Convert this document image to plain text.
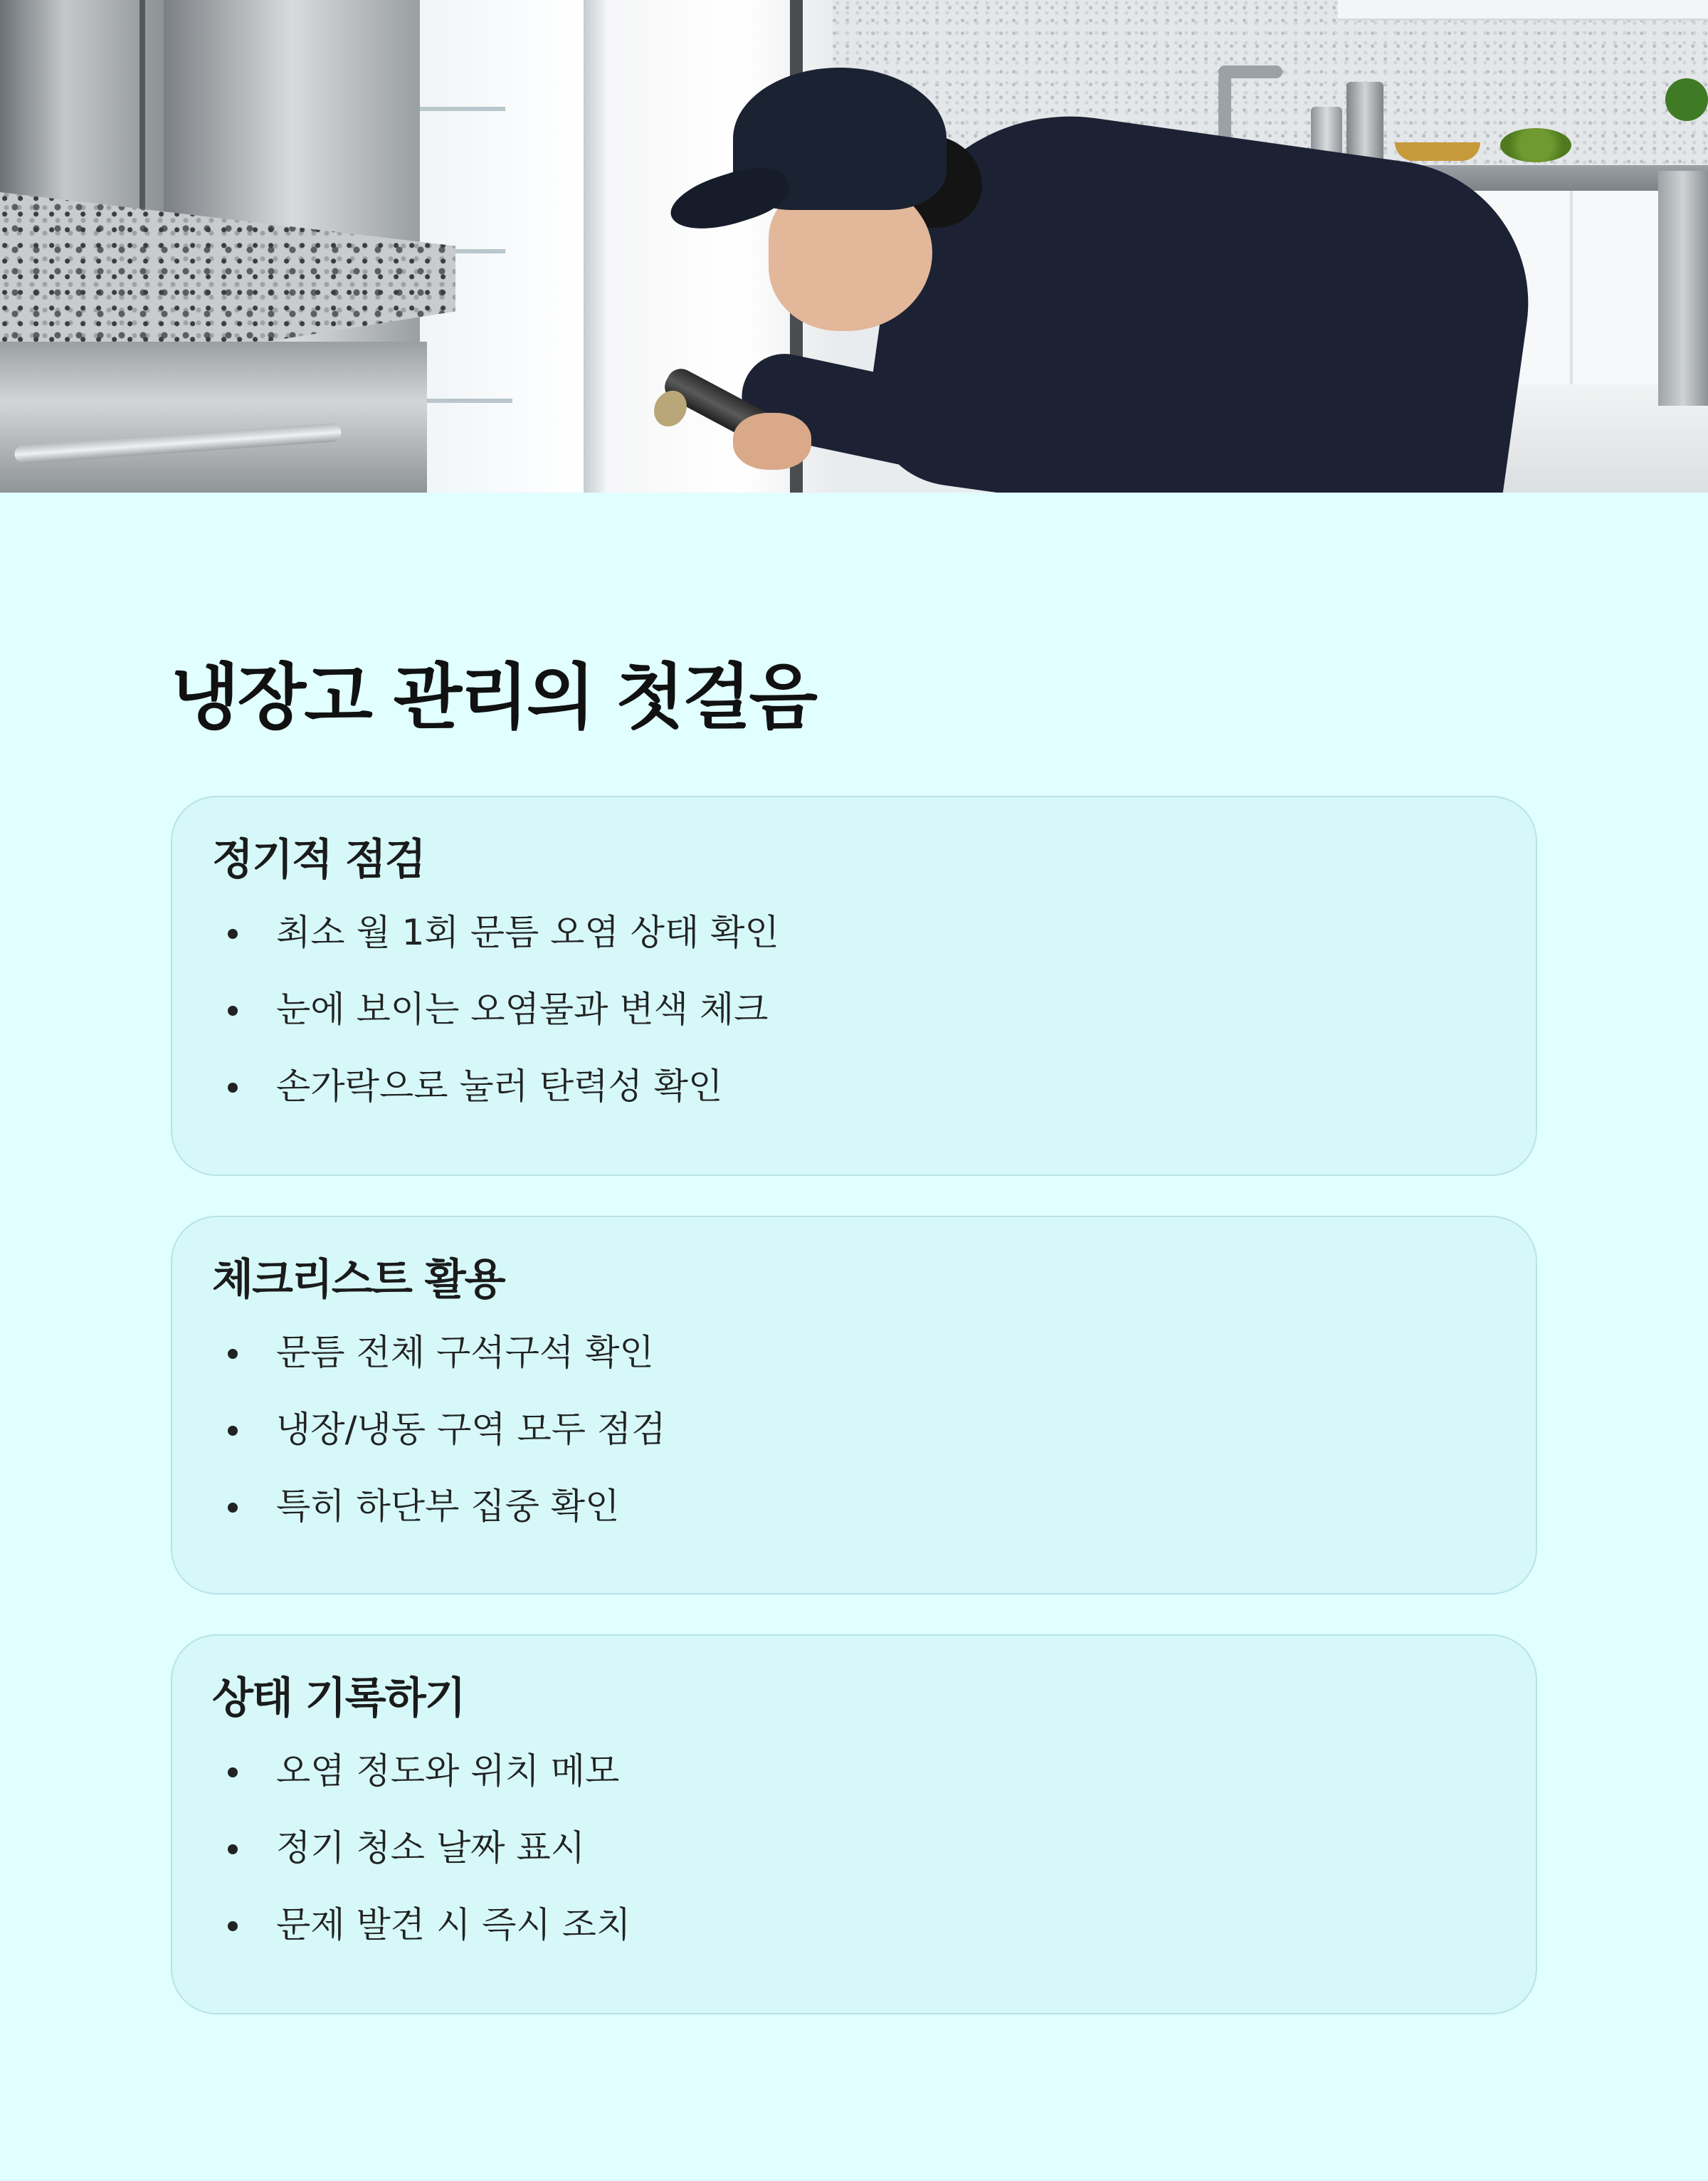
냉장고 관리의 첫걸음
정기적 점검
최소 월 1회 문틈 오염 상태 확인
눈에 보이는 오염물과 변색 체크
손가락으로 눌러 탄력성 확인
체크리스트 활용
문틈 전체 구석구석 확인
냉장/냉동 구역 모두 점검
특히 하단부 집중 확인
상태 기록하기
오염 정도와 위치 메모
정기 청소 날짜 표시
문제 발견 시 즉시 조치
